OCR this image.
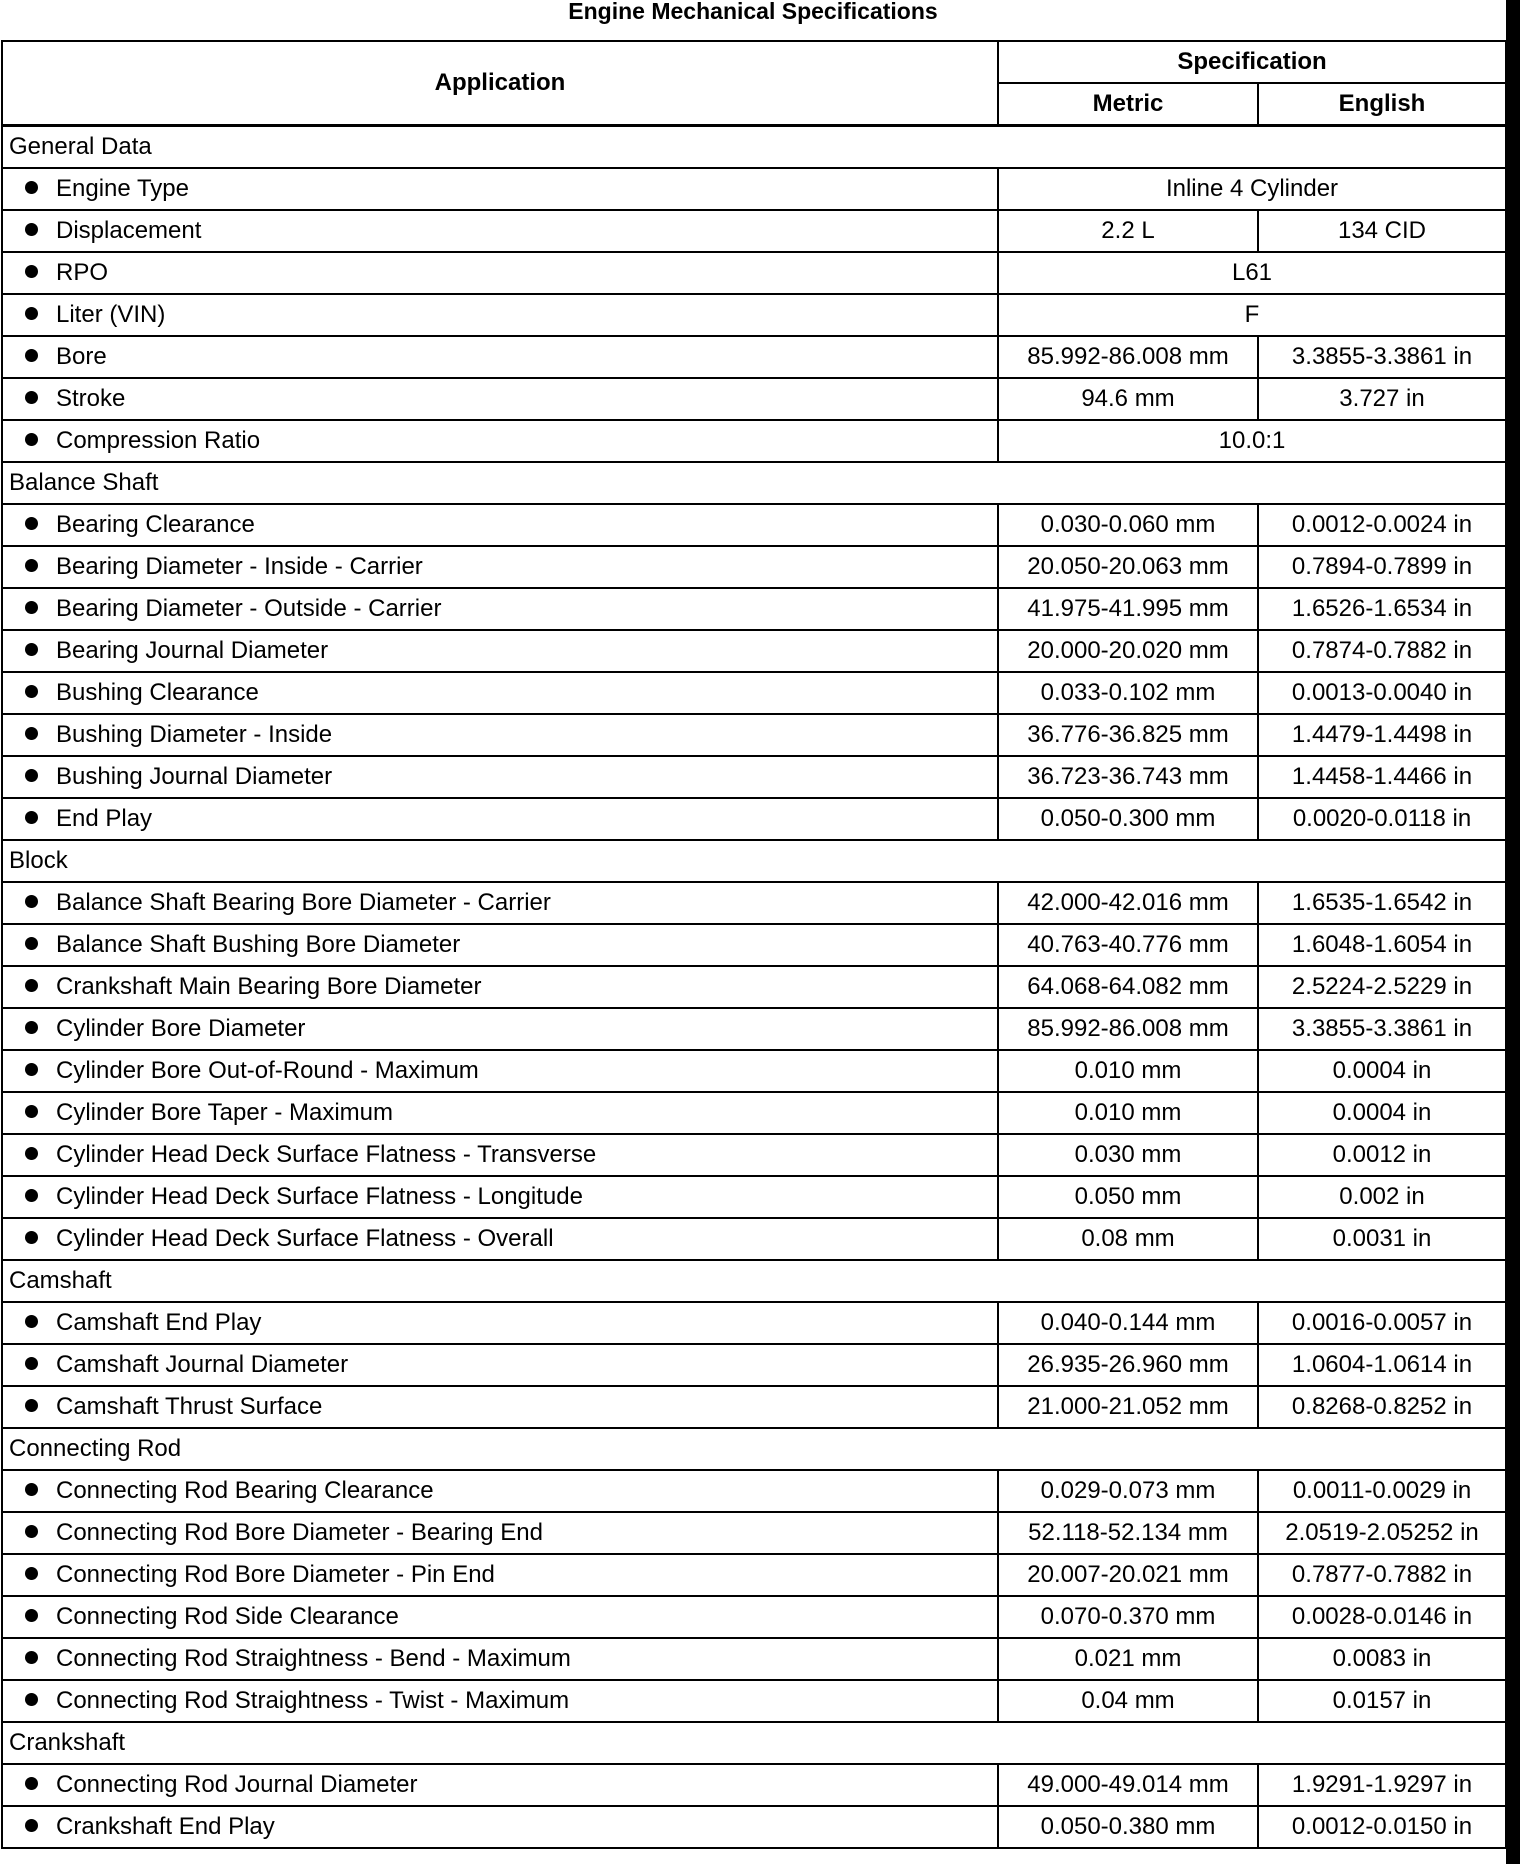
Engine Mechanical Specifications
Application	Specification	
	Metric	English
General Data		
Engine Type	Inline 4 Cylinder	
Displacement	2.2 L	134 CID
RPO	L61	
Liter (VIN)	F	
Bore	85.992-86.008 mm	3.3855-3.3861 in
Stroke	94.6 mm	3.727 in
Compression Ratio	10.0:1	
Balance Shaft		
Bearing Clearance	0.030-0.060 mm	0.0012-0.0024 in
Bearing Diameter - Inside - Carrier	20.050-20.063 mm	0.7894-0.7899 in
Bearing Diameter - Outside - Carrier	41.975-41.995 mm	1.6526-1.6534 in
Bearing Journal Diameter	20.000-20.020 mm	0.7874-0.7882 in
Bushing Clearance	0.033-0.102 mm	0.0013-0.0040 in
Bushing Diameter - Inside	36.776-36.825 mm	1.4479-1.4498 in
Bushing Journal Diameter	36.723-36.743 mm	1.4458-1.4466 in
End Play	0.050-0.300 mm	0.0020-0.0118 in
Block		
Balance Shaft Bearing Bore Diameter - Carrier	42.000-42.016 mm	1.6535-1.6542 in
Balance Shaft Bushing Bore Diameter	40.763-40.776 mm	1.6048-1.6054 in
Crankshaft Main Bearing Bore Diameter	64.068-64.082 mm	2.5224-2.5229 in
Cylinder Bore Diameter	85.992-86.008 mm	3.3855-3.3861 in
Cylinder Bore Out-of-Round - Maximum	0.010 mm	0.0004 in
Cylinder Bore Taper - Maximum	0.010 mm	0.0004 in
Cylinder Head Deck Surface Flatness - Transverse	0.030 mm	0.0012 in
Cylinder Head Deck Surface Flatness - Longitude	0.050 mm	0.002 in
Cylinder Head Deck Surface Flatness - Overall	0.08 mm	0.0031 in
Camshaft		
Camshaft End Play	0.040-0.144 mm	0.0016-0.0057 in
Camshaft Journal Diameter	26.935-26.960 mm	1.0604-1.0614 in
Camshaft Thrust Surface	21.000-21.052 mm	0.8268-0.8252 in
Connecting Rod		
Connecting Rod Bearing Clearance	0.029-0.073 mm	0.0011-0.0029 in
Connecting Rod Bore Diameter - Bearing End	52.118-52.134 mm	2.0519-2.05252 in
Connecting Rod Bore Diameter - Pin End	20.007-20.021 mm	0.7877-0.7882 in
Connecting Rod Side Clearance	0.070-0.370 mm	0.0028-0.0146 in
Connecting Rod Straightness - Bend - Maximum	0.021 mm	0.0083 in
Connecting Rod Straightness - Twist - Maximum	0.04 mm	0.0157 in
Crankshaft		
Connecting Rod Journal Diameter	49.000-49.014 mm	1.9291-1.9297 in
Crankshaft End Play	0.050-0.380 mm	0.0012-0.0150 in
